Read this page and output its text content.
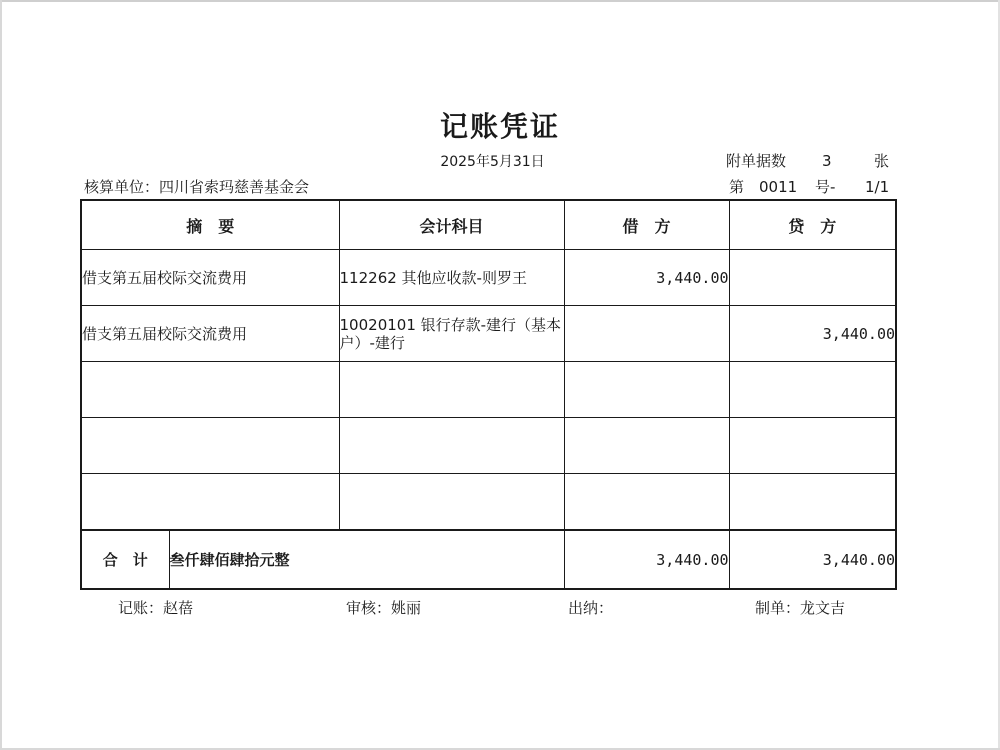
记账凭证
2025年5月31日	附单据数 3	张
核算单位：四川省索玛慈善基金会	第 0011 号- 1/1
摘　要		会计科目	借　方	贷　方
借支第五届校际交流费用		112262 其他应收款-则罗王	3,440.00	
借支第五届校际交流费用		10020101 银行存款-建行（基本户）-建行		3,440.00

合　计	叁仟肆佰肆拾元整		3,440.00	3,440.00
记账：赵蓓	审核：姚丽	出纳：	制单：龙文吉
